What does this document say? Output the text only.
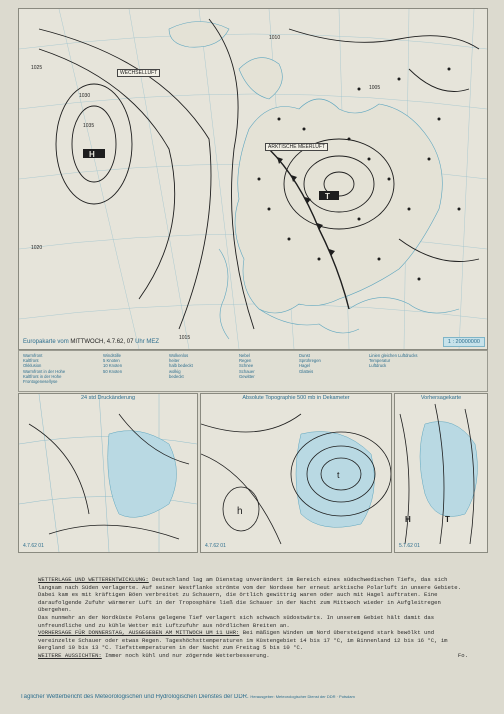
H
T
1030
1035
1025
1020
1015
1010
1005
WECHSELLUFT
ARKTISCHE MEERLUFT
Europakarte vom MITTWOCH, 4.7.62, 07 Uhr MEZ	1 : 20000000
Warmfront
Kaltfront
Okklusion
Warmfront in der Hohe
Kaltfront in der Hohe
Frontogenese/lyse
Windstille
5 Knoten
10 Knoten
50 Knoten
Wolkenlos
heiter
halb bedeckt
wolkig
bedeckt
Nebel
Regen
Schnee
Schauer
Gewitter
Dunst
Sprühregen
Hagel
Glatteis
Linien gleichen Luftdrucks
Temperatur
Luftdruck
24 std Druckänderung
4.7.62 01
h
t
Absolute Topographie 500 mb in Dekameter
4.7.62 01
H	T
Vorhersagekarte
5.7.62 01

WETTERLAGE UND WETTERENTWICKLUNG: Deutschland lag am Dienstag unverändert im Bereich eines südschwedischen Tiefs, das sich langsam nach Süden verlagerte. Auf seiner Westflanke strömte vom der Nordsee her erneut arktische Polarluft in unsere Gebiete. Dabei kam es mit kräftigen Böen verbreitet zu Schauern, die örtlich gewittrig waren oder auch mit Hagel auftraten. Eine daraufolgende Zufuhr wärmerer Luft in der Troposphäre ließ die Schauer in der Nacht zum Mittwoch wieder in Aufgleitregen übergehen.

Das nunmehr an der Nordküste Polens gelegene Tief verlagert sich schwach südostwärts. In unserem Gebiet hält damit das unfreundliche und zu kühle Wetter mit Luftzufuhr aus nördlichen Breiten an.

VORHERSAGE FÜR DONNERSTAG, AUSGEGEBEN AM MITTWOCH UM 11 UHR: Bei mäßigen Winden um Nord übersteigend stark bewölkt und vereinzelte Schauer oder etwas Regen. Tageshöchsttemperaturen im Küstengebiet 14 bis 17 °C, im Binnenland 12 bis 16 °C, im Bergland 10 bis 13 °C. Tiefsttemperaturen in der Nacht zum Freitag 5 bis 10 °C.

WEITERE AUSSICHTEN: Immer noch kühl und nur zögernde Wetterbesserung.	Fo.

Täglicher Wetterbericht des Meteorologischen und Hydrologischen Dienstes der DDR. Herausgeber: Meteorologischer Dienst der DDR · Potsdam
